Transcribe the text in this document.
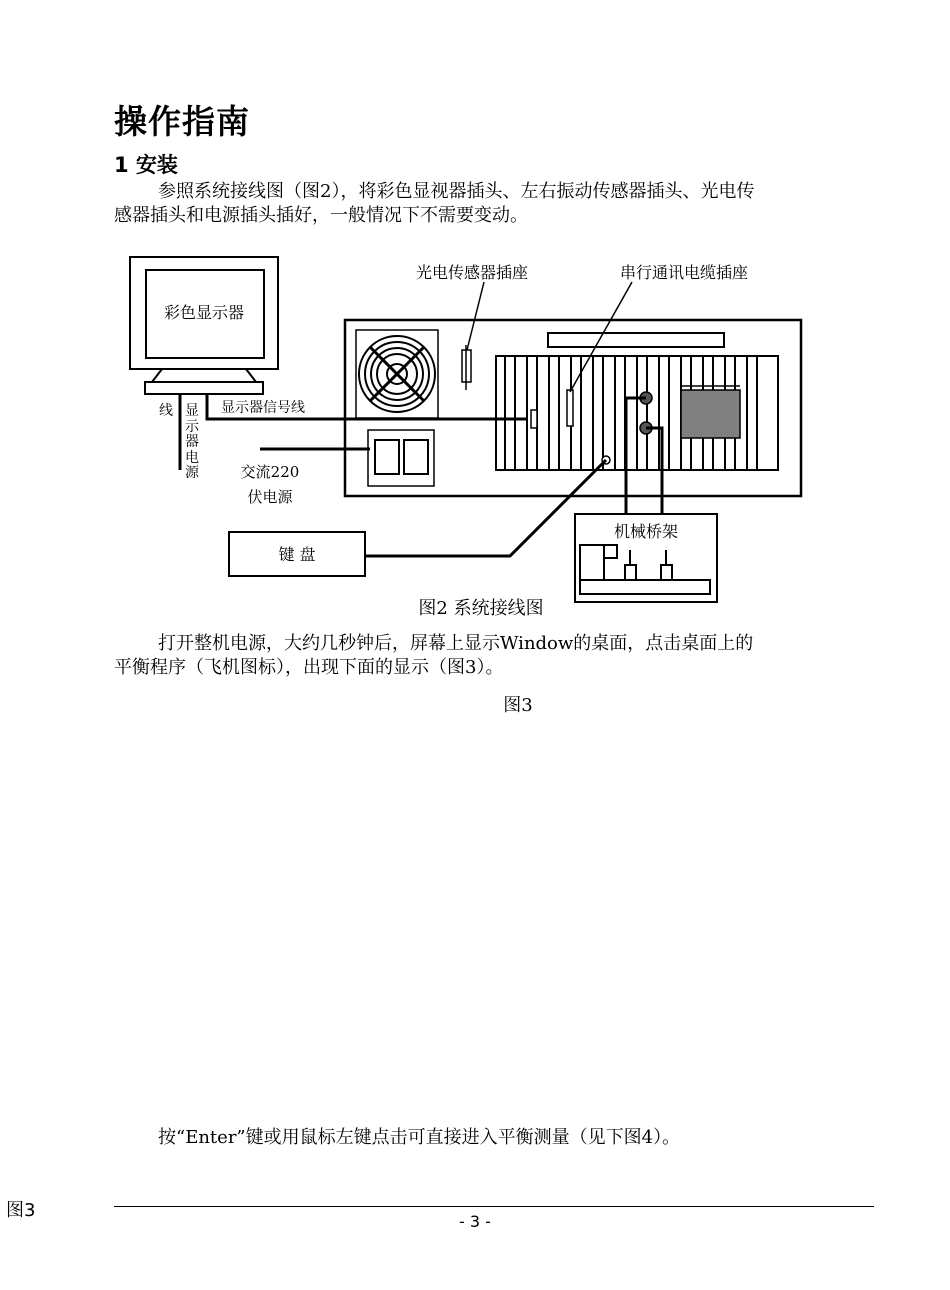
操作指南
1 安装
参照系统接线图（图2），将彩色显视器插头、左右振动传感器插头、光电传
感器插头和电源插头插好，一般情况下不需要变动。
彩色显示器
光电传感器插座	串行通讯电缆插座
显示器信号线
交流220
伏电源
键 盘
机械桥架
线 显示器电源
图2 系统接线图
打开整机电源，大约几秒钟后，屏幕上显示Window的桌面，点击桌面上的
平衡程序（飞机图标），出现下面的显示（图3）。
图3
按“Enter”键或用鼠标左键点击可直接进入平衡测量（见下图4）。
图3
- 3 -
